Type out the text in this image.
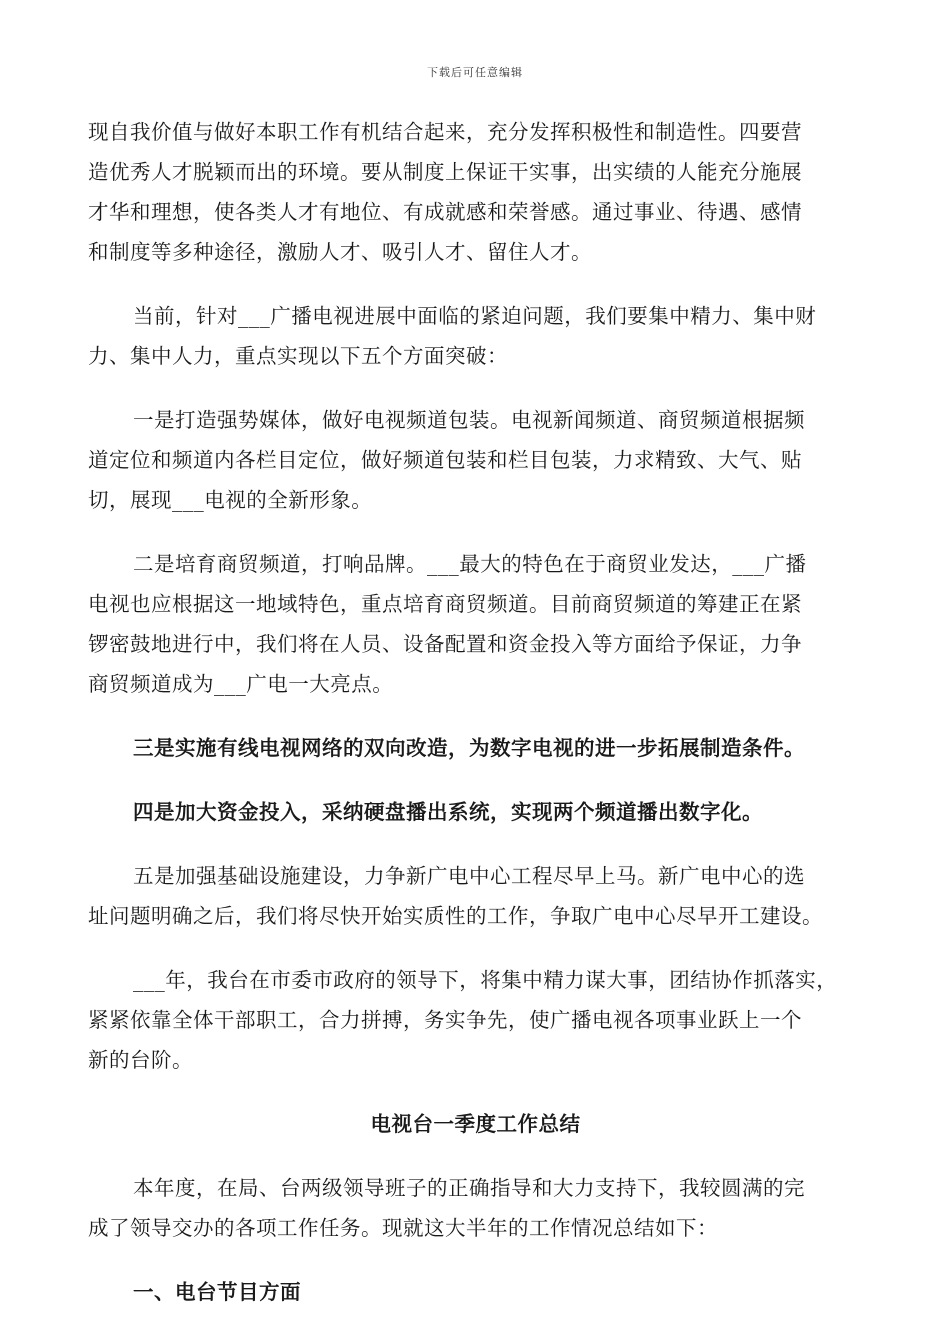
下载后可任意编辑

现自我价值与做好本职工作有机结合起来，充分发挥积极性和制造性。四要营

造优秀人才脱颖而出的环境。要从制度上保证干实事，出实绩的人能充分施展

才华和理想，使各类人才有地位、有成就感和荣誉感。通过事业、待遇、感情

和制度等多种途径，激励人才、吸引人才、留住人才。

当前，针对___广播电视进展中面临的紧迫问题，我们要集中精力、集中财

力、集中人力，重点实现以下五个方面突破：

一是打造强势媒体，做好电视频道包装。电视新闻频道、商贸频道根据频

道定位和频道内各栏目定位，做好频道包装和栏目包装，力求精致、大气、贴

切，展现___电视的全新形象。

二是培育商贸频道，打响品牌。___最大的特色在于商贸业发达，___广播

电视也应根据这一地域特色，重点培育商贸频道。目前商贸频道的筹建正在紧

锣密鼓地进行中，我们将在人员、设备配置和资金投入等方面给予保证，力争

商贸频道成为___广电一大亮点。

三是实施有线电视网络的双向改造，为数字电视的进一步拓展制造条件。

四是加大资金投入，采纳硬盘播出系统，实现两个频道播出数字化。

五是加强基础设施建设，力争新广电中心工程尽早上马。新广电中心的选

址问题明确之后，我们将尽快开始实质性的工作，争取广电中心尽早开工建设。

___年，我台在市委市政府的领导下，将集中精力谋大事，团结协作抓落实，

紧紧依靠全体干部职工，合力拼搏，务实争先，使广播电视各项事业跃上一个

新的台阶。

电视台一季度工作总结

本年度，在局、台两级领导班子的正确指导和大力支持下，我较圆满的完

成了领导交办的各项工作任务。现就这大半年的工作情况总结如下：

一、电台节目方面
